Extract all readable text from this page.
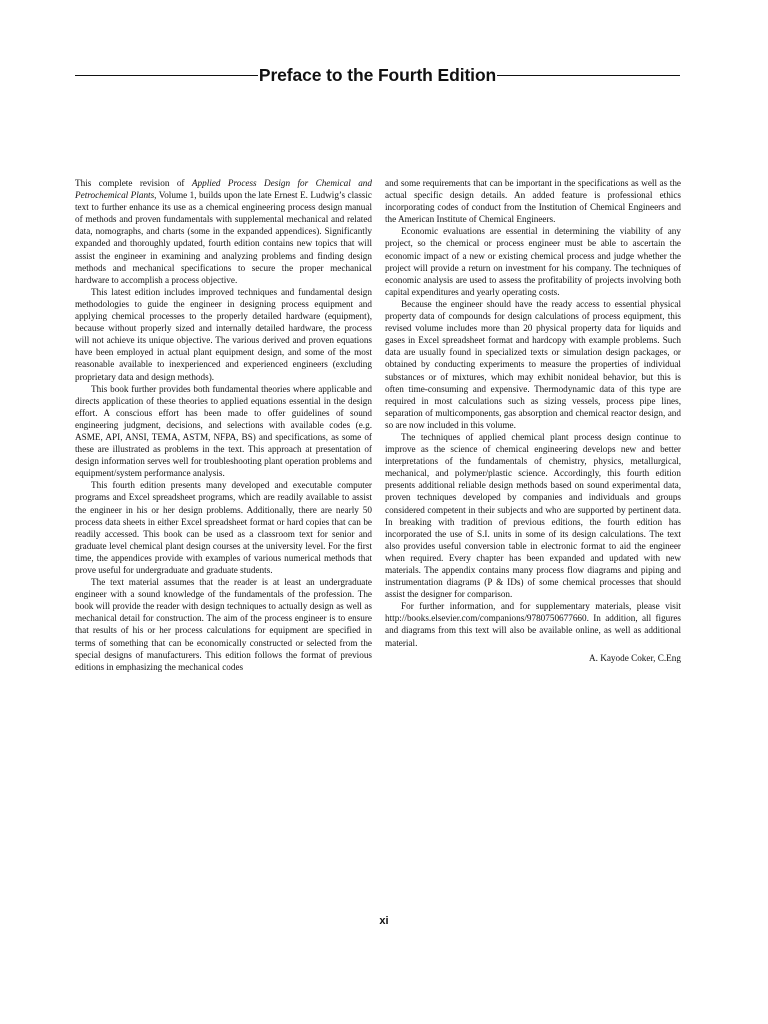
Preface to the Fourth Edition

This complete revision of Applied Process Design for Chemical and Petrochemical Plants, Volume 1, builds upon the late Ernest E. Ludwig’s classic text to further enhance its use as a chemical engineering process design manual of methods and proven fundamentals with supplemental mechanical and related data, nomographs, and charts (some in the expanded appendices). Significantly expanded and thoroughly updated, fourth edition contains new topics that will assist the engineer in examining and analyzing problems and finding design methods and mechanical specifications to secure the proper mechanical hardware to accomplish a process objective.

This latest edition includes improved techniques and fundamental design methodologies to guide the engineer in designing process equipment and applying chemical processes to the properly detailed hardware (equipment), because without properly sized and internally detailed hardware, the process will not achieve its unique objective. The various derived and proven equations have been employed in actual plant equipment design, and some of the most reasonable available to inexperienced and experienced engineers (excluding proprietary data and design methods).

This book further provides both fundamental theories where applicable and directs application of these theories to applied equations essential in the design effort. A conscious effort has been made to offer guidelines of sound engineering judgment, decisions, and selections with available codes (e.g. ASME, API, ANSI, TEMA, ASTM, NFPA, BS) and specifications, as some of these are illustrated as problems in the text. This approach at presentation of design information serves well for troubleshooting plant operation problems and equipment/system performance analysis.

This fourth edition presents many developed and executable computer programs and Excel spreadsheet programs, which are readily available to assist the engineer in his or her design problems. Additionally, there are nearly 50 process data sheets in either Excel spreadsheet format or hard copies that can be readily accessed. This book can be used as a classroom text for senior and graduate level chemical plant design courses at the university level. For the first time, the appendices provide with examples of various numerical methods that prove useful for undergraduate and graduate students.

The text material assumes that the reader is at least an undergraduate engineer with a sound knowledge of the fundamentals of the profession. The book will provide the reader with design techniques to actually design as well as mechanical detail for construction. The aim of the process engineer is to ensure that results of his or her process calculations for equipment are specified in terms of something that can be economically constructed or selected from the special designs of manufacturers. This edition follows the format of previous editions in emphasizing the mechanical codes

and some requirements that can be important in the specifications as well as the actual specific design details. An added feature is professional ethics incorporating codes of conduct from the Institution of Chemical Engineers and the American Institute of Chemical Engineers.

Economic evaluations are essential in determining the viability of any project, so the chemical or process engineer must be able to ascertain the economic impact of a new or existing chemical process and judge whether the project will provide a return on investment for his company. The techniques of economic analysis are used to assess the profitability of projects involving both capital expenditures and yearly operating costs.

Because the engineer should have the ready access to essential physical property data of compounds for design calculations of process equipment, this revised volume includes more than 20 physical property data for liquids and gases in Excel spreadsheet format and hardcopy with example problems. Such data are usually found in specialized texts or simulation design packages, or obtained by conducting experiments to measure the properties of individual substances or of mixtures, which may exhibit nonideal behavior, but this is often time-consuming and expensive. Thermodynamic data of this type are required in most calculations such as sizing vessels, process pipe lines, separation of multicomponents, gas absorption and chemical reactor design, and so are now included in this volume.

The techniques of applied chemical plant process design continue to improve as the science of chemical engineering develops new and better interpretations of the fundamentals of chemistry, physics, metallurgical, mechanical, and polymer/plastic science. Accordingly, this fourth edition presents additional reliable design methods based on sound experimental data, proven techniques developed by companies and individuals and groups considered competent in their subjects and who are supported by pertinent data. In breaking with tradition of previous editions, the fourth edition has incorporated the use of S.I. units in some of its design calculations. The text also provides useful conversion table in electronic format to aid the engineer when required. Every chapter has been expanded and updated with new materials. The appendix contains many process flow diagrams and piping and instrumentation diagrams (P & IDs) of some chemical processes that should assist the designer for comparison.

For further information, and for supplementary materials, please visit http://books.elsevier.com/companions/9780750677660. In addition, all figures and diagrams from this text will also be available online, as well as additional material.

A. Kayode Coker, C.Eng

xi
